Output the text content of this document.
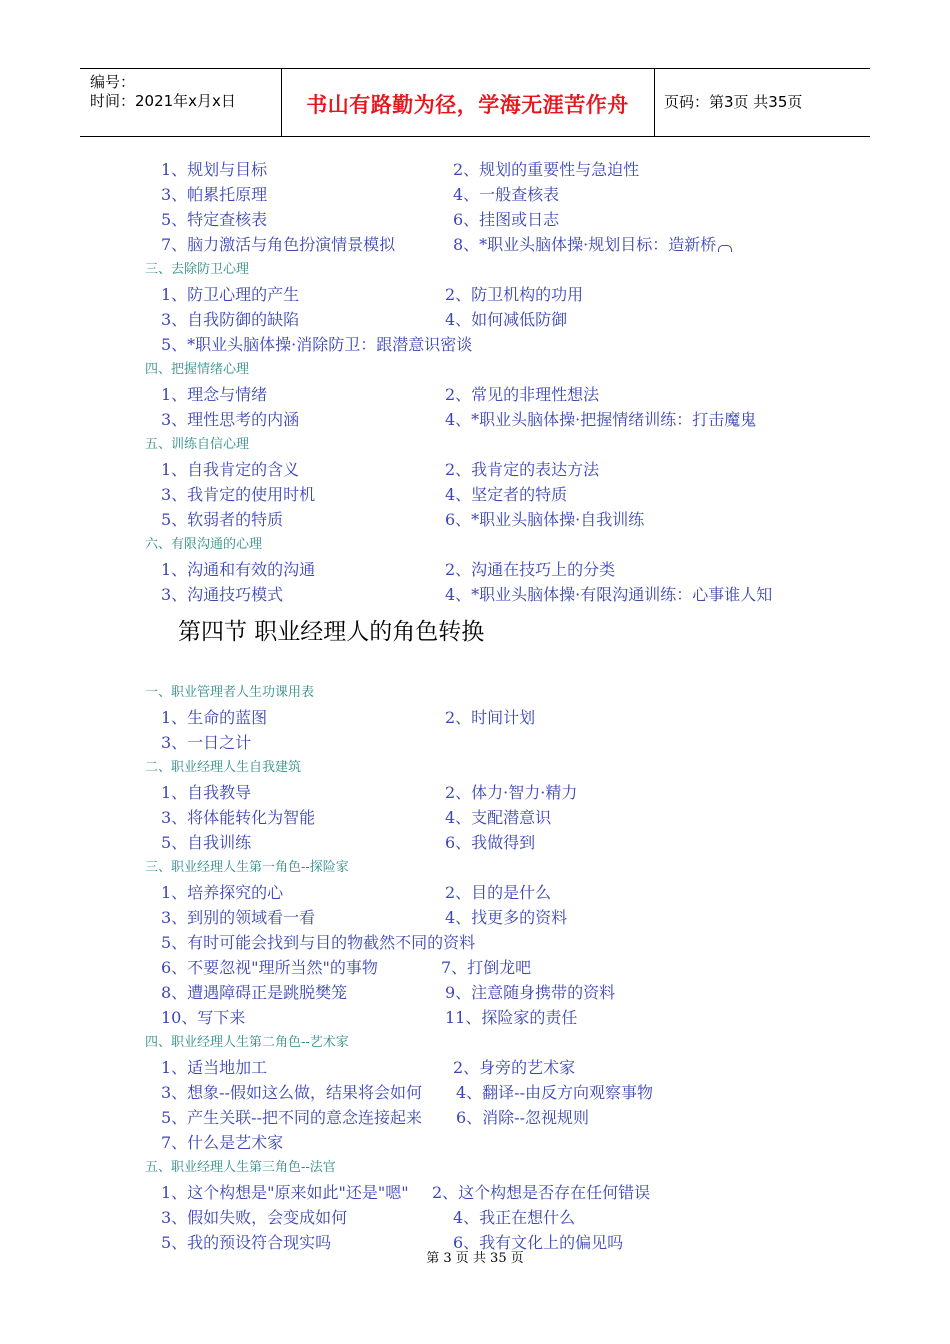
编号：
时间：2021年x月x日	书山有路勤为径，学海无涯苦作舟	页码：第3页 共35页
1、规划与目标	2、规划的重要性与急迫性
3、帕累托原理	4、一般查核表
5、特定查核表	6、挂图或日志
7、脑力激活与角色扮演情景模拟	8、*职业头脑体操·规划目标：造新桥
三、去除防卫心理
1、防卫心理的产生	2、防卫机构的功用
3、自我防御的缺陷	4、如何减低防御
5、*职业头脑体操·消除防卫：跟潜意识密谈
四、把握情绪心理
1、理念与情绪	2、常见的非理性想法
3、理性思考的内涵	4、*职业头脑体操·把握情绪训练：打击魔鬼
五、训练自信心理
1、自我肯定的含义	2、我肯定的表达方法
3、我肯定的使用时机	4、坚定者的特质
5、软弱者的特质	6、*职业头脑体操·自我训练
六、有限沟通的心理
1、沟通和有效的沟通	2、沟通在技巧上的分类
3、沟通技巧模式	4、*职业头脑体操·有限沟通训练：心事谁人知
第四节 职业经理人的角色转换
一、职业管理者人生功课用表
1、生命的蓝图	2、时间计划
3、一日之计
二、职业经理人生自我建筑
1、自我教导	2、体力·智力·精力
3、将体能转化为智能	4、支配潜意识
5、自我训练	6、我做得到
三、职业经理人生第一角色--探险家
1、培养探究的心	2、目的是什么
3、到别的领域看一看	4、找更多的资料
5、有时可能会找到与目的物截然不同的资料
6、不要忽视"理所当然"的事物	7、打倒龙吧
8、遭遇障碍正是跳脱樊笼	9、注意随身携带的资料
10、写下来	11、探险家的责任
四、职业经理人生第二角色--艺术家
1、适当地加工	2、身旁的艺术家
3、想象--假如这么做，结果将会如何 4、翻译--由反方向观察事物
5、产生关联--把不同的意念连接起来 6、消除--忽视规则
7、什么是艺术家
五、职业经理人生第三角色--法官
1、这个构想是"原来如此"还是"嗯" 2、这个构想是否存在任何错误
3、假如失败，会变成如何	4、我正在想什么
5、我的预设符合现实吗	6、我有文化上的偏见吗
第 3 页 共 35 页
